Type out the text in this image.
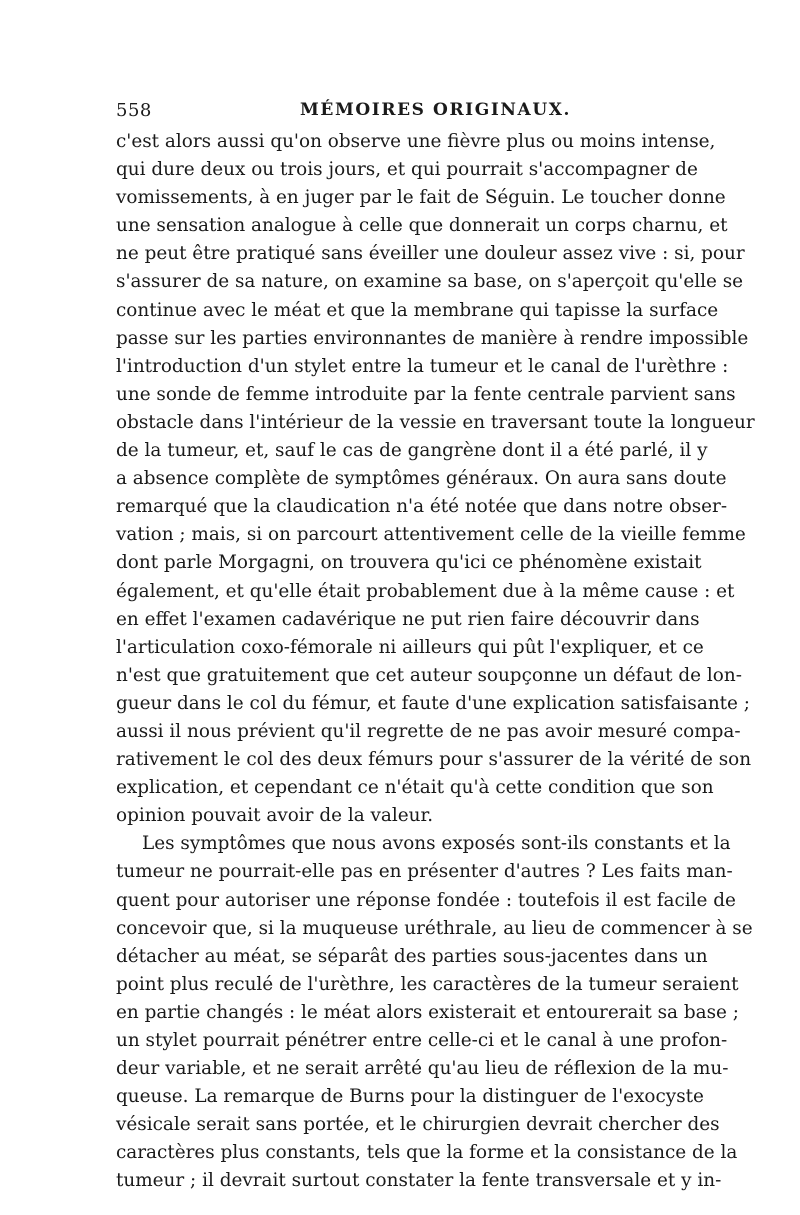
558	MÉMOIRES ORIGINAUX.
c'est alors aussi qu'on observe une fièvre plus ou moins intense,
qui dure deux ou trois jours, et qui pourrait s'accompagner de
vomissements, à en juger par le fait de Séguin. Le toucher donne
une sensation analogue à celle que donnerait un corps charnu, et
ne peut être pratiqué sans éveiller une douleur assez vive : si, pour
s'assurer de sa nature, on examine sa base, on s'aperçoit qu'elle se
continue avec le méat et que la membrane qui tapisse la surface
passe sur les parties environnantes de manière à rendre impossible
l'introduction d'un stylet entre la tumeur et le canal de l'urèthre :
une sonde de femme introduite par la fente centrale parvient sans
obstacle dans l'intérieur de la vessie en traversant toute la longueur
de la tumeur, et, sauf le cas de gangrène dont il a été parlé, il y
a absence complète de symptômes généraux. On aura sans doute
remarqué que la claudication n'a été notée que dans notre obser-
vation ; mais, si on parcourt attentivement celle de la vieille femme
dont parle Morgagni, on trouvera qu'ici ce phénomène existait
également, et qu'elle était probablement due à la même cause : et
en effet l'examen cadavérique ne put rien faire découvrir dans
l'articulation coxo-fémorale ni ailleurs qui pût l'expliquer, et ce
n'est que gratuitement que cet auteur soupçonne un défaut de lon-
gueur dans le col du fémur, et faute d'une explication satisfaisante ;
aussi il nous prévient qu'il regrette de ne pas avoir mesuré compa-
rativement le col des deux fémurs pour s'assurer de la vérité de son
explication, et cependant ce n'était qu'à cette condition que son
opinion pouvait avoir de la valeur.
Les symptômes que nous avons exposés sont-ils constants et la
tumeur ne pourrait-elle pas en présenter d'autres ? Les faits man-
quent pour autoriser une réponse fondée : toutefois il est facile de
concevoir que, si la muqueuse uréthrale, au lieu de commencer à se
détacher au méat, se séparât des parties sous-jacentes dans un
point plus reculé de l'urèthre, les caractères de la tumeur seraient
en partie changés : le méat alors existerait et entourerait sa base ;
un stylet pourrait pénétrer entre celle-ci et le canal à une profon-
deur variable, et ne serait arrêté qu'au lieu de réflexion de la mu-
queuse. La remarque de Burns pour la distinguer de l'exocyste
vésicale serait sans portée, et le chirurgien devrait chercher des
caractères plus constants, tels que la forme et la consistance de la
tumeur ; il devrait surtout constater la fente transversale et y in-
